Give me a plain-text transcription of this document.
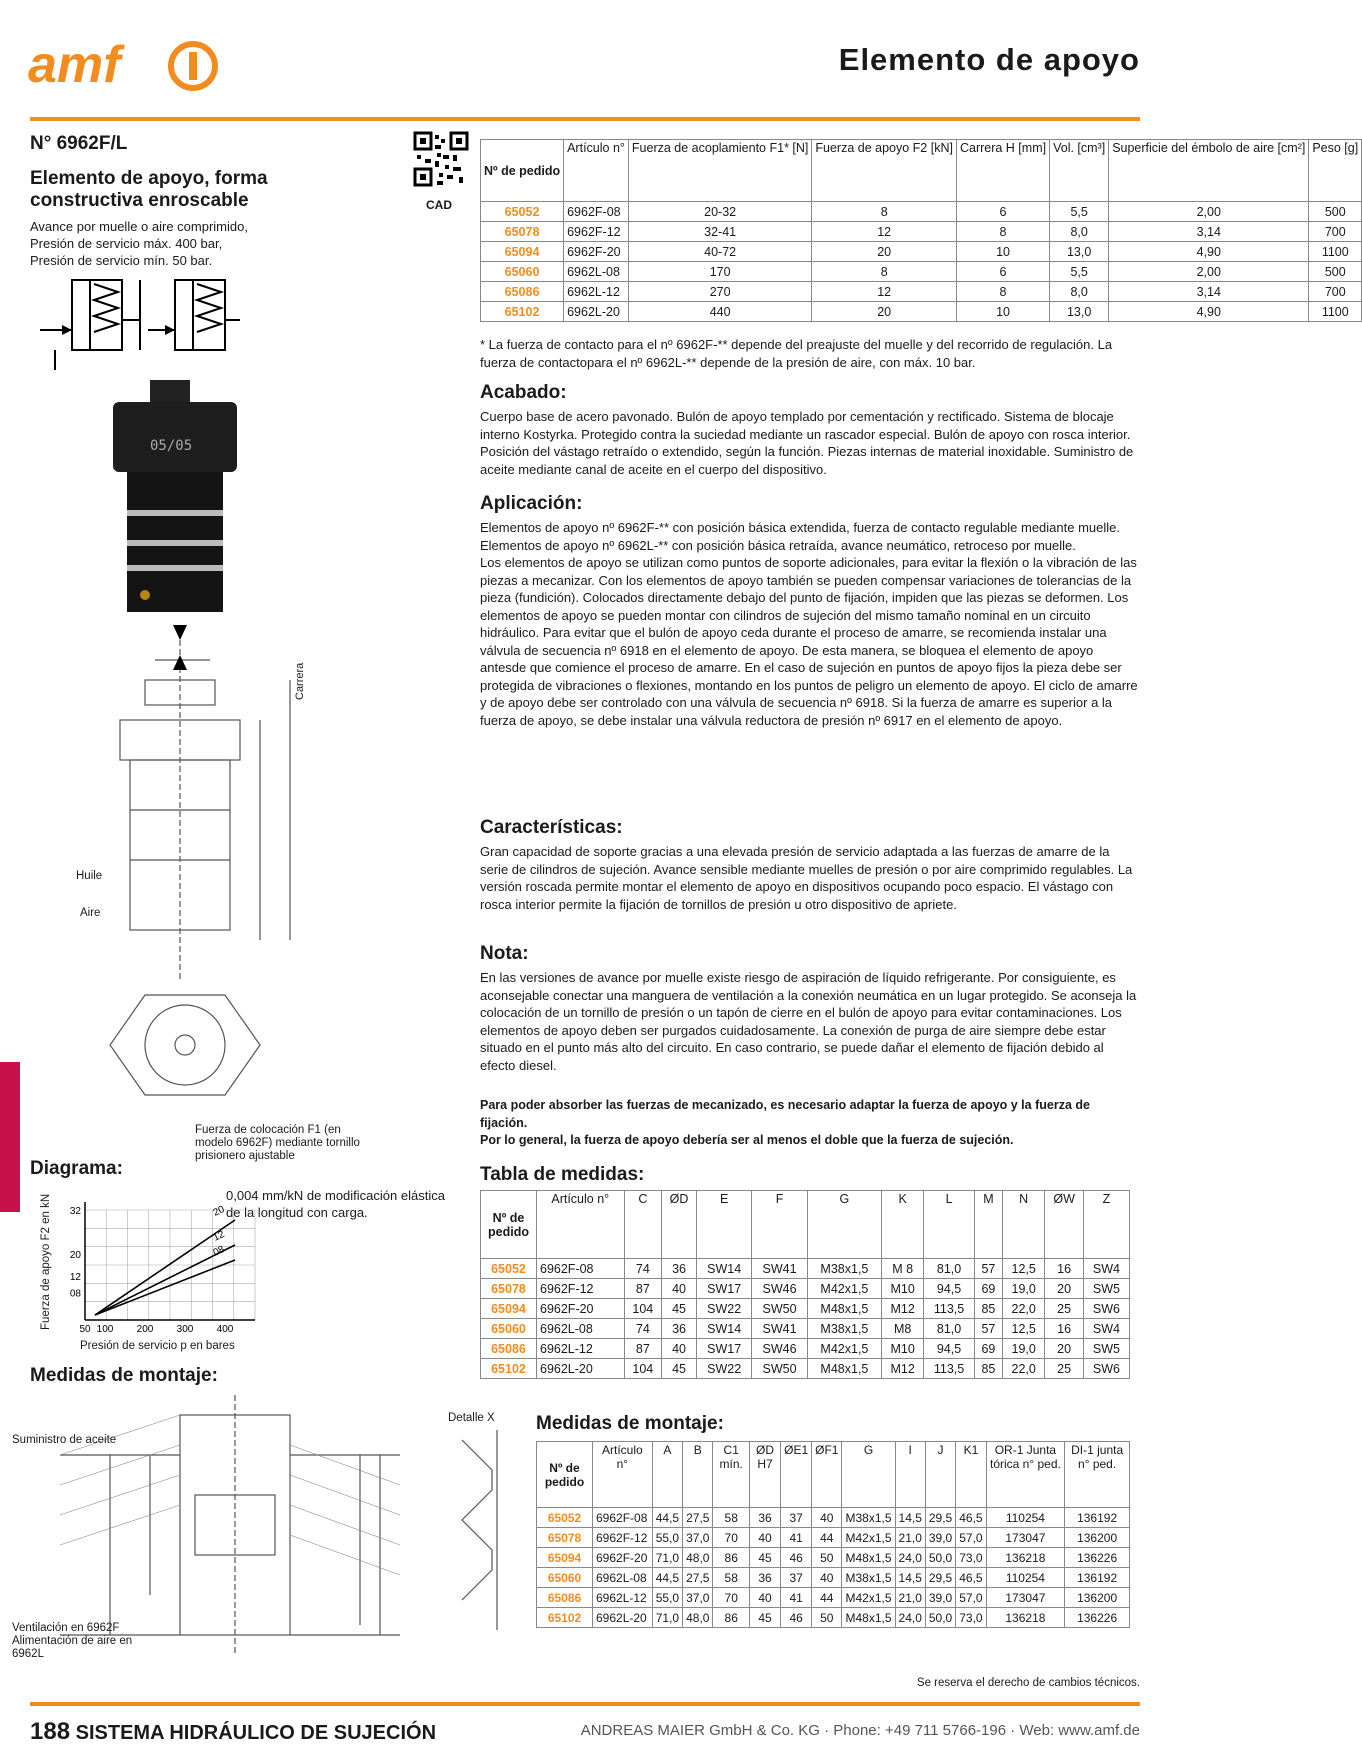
amf	Elemento de apoyo
N° 6962F/L
Elemento de apoyo, forma
constructiva enroscable
Avance por muelle o aire comprimido,
Presión de servicio máx. 400 bar,
Presión de servicio mín. 50 bar.
CAD
Nº de pedido	Artículo n°	Fuerza de acoplamiento F1* [N]	Fuerza de apoyo F2 [kN]	Carrera H [mm]	Vol. [cm³]	Superficie del émbolo de aire [cm²]	Peso [g]
65052	6962F-08	20-32	8	6	5,5	2,00	500
65078	6962F-12	32-41	12	8	8,0	3,14	700
65094	6962F-20	40-72	20	10	13,0	4,90	1100
65060	6962L-08	170	8	6	5,5	2,00	500
65086	6962L-12	270	12	8	8,0	3,14	700
65102	6962L-20	440	20	10	13,0	4,90	1100
* La fuerza de contacto para el nº 6962F-** depende del preajuste del muelle y del recorrido de regulación. La fuerza de contactopara el nº 6962L-** depende de la presión de aire, con máx. 10 bar.
Acabado:
Cuerpo base de acero pavonado. Bulón de apoyo templado por cementación y rectificado. Sistema de blocaje interno Kostyrka. Protegido contra la suciedad mediante un rascador especial. Bulón de apoyo con rosca interior. Posición del vástago retraído o extendido, según la función. Piezas internas de material inoxidable. Suministro de aceite mediante canal de aceite en el cuerpo del dispositivo.
Aplicación:
Elementos de apoyo nº 6962F-** con posición básica extendida, fuerza de contacto regulable mediante muelle.
Elementos de apoyo nº 6962L-** con posición básica retraída, avance neumático, retroceso por muelle.
Los elementos de apoyo se utilizan como puntos de soporte adicionales, para evitar la flexión o la vibración de las piezas a mecanizar. Con los elementos de apoyo también se pueden compensar variaciones de tolerancias de la pieza (fundición). Colocados directamente debajo del punto de fijación, impiden que las piezas se deformen. Los elementos de apoyo se pueden montar con cilindros de sujeción del mismo tamaño nominal en un circuito hidráulico. Para evitar que el bulón de apoyo ceda durante el proceso de amarre, se recomienda instalar una válvula de secuencia nº 6918 en el elemento de apoyo. De esta manera, se bloquea el elemento de apoyo antesde que comience el proceso de amarre. En el caso de sujeción en puntos de apoyo fijos la pieza debe ser protegida de vibraciones o flexiones, montando en los puntos de peligro un elemento de apoyo. El ciclo de amarre y de apoyo debe ser controlado con una válvula de secuencia nº 6918. Si la fuerza de amarre es superior a la fuerza de apoyo, se debe instalar una válvula reductora de presión nº 6917 en el elemento de apoyo.
Características:
Gran capacidad de soporte gracias a una elevada presión de servicio adaptada a las fuerzas de amarre de la serie de cilindros de sujeción. Avance sensible mediante muelles de presión o por aire comprimido regulables. La versión roscada permite montar el elemento de apoyo en dispositivos ocupando poco espacio. El vástago con rosca interior permite la fijación de tornillos de presión u otro dispositivo de apriete.
Nota:
En las versiones de avance por muelle existe riesgo de aspiración de líquido refrigerante. Por consiguiente, es aconsejable conectar una manguera de ventilación a la conexión neumática en un lugar protegido. Se aconseja la colocación de un tornillo de presión o un tapón de cierre en el bulón de apoyo para evitar contaminaciones. Los elementos de apoyo deben ser purgados cuidadosamente. La conexión de purga de aire siempre debe estar situado en el punto más alto del circuito. En caso contrario, se puede dañar el elemento de fijación debido al efecto diesel.
Para poder absorber las fuerzas de mecanizado, es necesario adaptar la fuerza de apoyo y la fuerza de fijación.
Por lo general, la fuerza de apoyo debería ser al menos el doble que la fuerza de sujeción.
Tabla de medidas:
Nº de pedido	Artículo n°	C	ØD	E	F	G	K	L	M	N	ØW	Z
65052	6962F-08	74	36	SW14	SW41	M38x1,5	M 8	81,0	57	12,5	16	SW4
65078	6962F-12	87	40	SW17	SW46	M42x1,5	M10	94,5	69	19,0	20	SW5
65094	6962F-20	104	45	SW22	SW50	M48x1,5	M12	113,5	85	22,0	25	SW6
65060	6962L-08	74	36	SW14	SW41	M38x1,5	M8	81,0	57	12,5	16	SW4
65086	6962L-12	87	40	SW17	SW46	M42x1,5	M10	94,5	69	19,0	20	SW5
65102	6962L-20	104	45	SW22	SW50	M48x1,5	M12	113,5	85	22,0	25	SW6
Medidas de montaje:
Nº de pedido	Artículo n°	A	B	C1 mín.	ØD H7	ØE1	ØF1	G	I	J	K1	OR-1 Junta tórica n° ped.	DI-1 junta n° ped.
65052	6962F-08	44,5	27,5	58	36	37	40	M38x1,5	14,5	29,5	46,5	110254	136192
65078	6962F-12	55,0	37,0	70	40	41	44	M42x1,5	21,0	39,0	57,0	173047	136200
65094	6962F-20	71,0	48,0	86	45	46	50	M48x1,5	24,0	50,0	73,0	136218	136226
65060	6962L-08	44,5	27,5	58	36	37	40	M38x1,5	14,5	29,5	46,5	110254	136192
65086	6962L-12	55,0	37,0	70	40	41	44	M42x1,5	21,0	39,0	57,0	173047	136200
65102	6962L-20	71,0	48,0	86	45	46	50	M48x1,5	24,0	50,0	73,0	136218	136226
05/05
Carrera
Huile
Aire
Fuerza de colocación F1 (en modelo 6962F) mediante tornillo prisionero ajustable
Diagrama:
0,004 mm/kN de modificación elástica de la longitud con carga.
Fuerza de apoyo F2 en kN 32
20
12
08
50 100 200 300 400
20
12
08
Presión de servicio p en bares
Medidas de montaje:
Suministro de aceite
Ventilación en 6962F Alimentación de aire en 6962L
Detalle X
Se reserva el derecho de cambios técnicos.
188 SISTEMA HIDRÁULICO DE SUJECIÓN	ANDREAS MAIER GmbH & Co. KG · Phone: +49 711 5766-196 · Web: www.amf.de
